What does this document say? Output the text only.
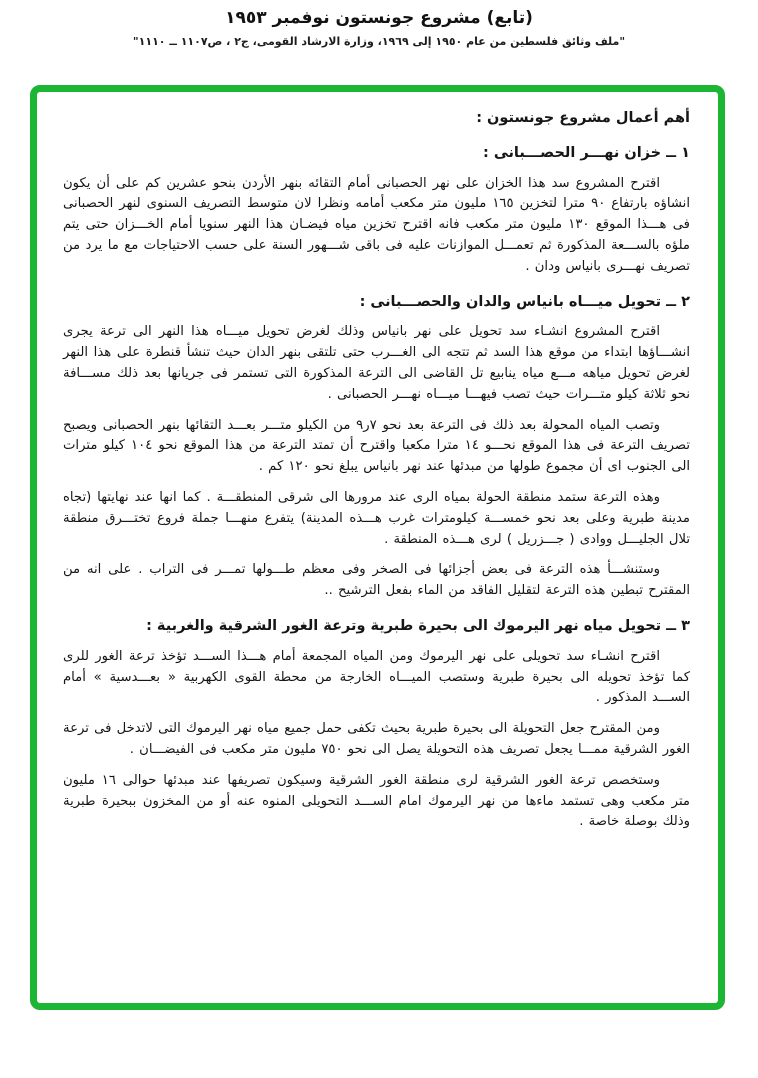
(تابع) مشروع جونستون نوفمبر ١٩٥٣
"ملف وثائق فلسطين من عام ١٩٥٠ إلى ١٩٦٩، وزارة الارشاد القومى، ج٢ ، ص١١٠٧ ــ ١١١٠"
أهم أعمال مشروع جونستون :
١ ــ خزان نهـــر الحصـــبانى :

اقترح المشروع سد هذا الخزان على نهر الحصبانى أمام التقائه بنهر الأردن بنحو عشرين كم على أن يكون انشاؤه بارتفاع ٩٠ مترا لتخزين ١٦٥ مليون متر مكعب أمامه ونظرا لان متوسط التصريف السنوى لنهر الحصبانى فى هـــذا الموقع ١٣٠ مليون متر مكعب فانه اقترح تخزين مياه فيضـان هذا النهر سنويا أمام الخـــزان حتى يتم ملؤه بالســـعة المذكورة ثم تعمـــل الموازنات عليه فى باقى شـــهور السنة على حسب الاحتياجات مع ما يرد من تصريف نهـــرى بانياس ودان .

٢ ــ تحويل ميـــاه بانياس والدان والحصـــبانى :

اقترح المشروع انشـاء سد تحويل على نهر بانياس وذلك لغرض تحويل ميـــاه هذا النهر الى ترعة يجرى انشـــاؤها ابتداء من موقع هذا السد ثم تتجه الى الغـــرب حتى تلتقى بنهر الدان حيث تنشأ قنطرة على هذا النهر لغرض تحويل مياهه مـــع مياه ينابيع تل القاضى الى الترعة المذكورة التى تستمر فى جريانها بعد ذلك مســـافة نحو ثلاثة كيلو متـــرات حيث تصب فيهـــا ميـــاه نهـــر الحصبانى .

وتصب المياه المحولة بعد ذلك فى الترعة بعد نحو ٧ر٩ من الكيلو متـــر بعـــد التقائها بنهر الحصبانى ويصبح تصريف الترعة فى هذا الموقع نحـــو ١٤ مترا مكعبا واقترح أن تمتد الترعة من هذا الموقع نحو ١٠٤ كيلو مترات الى الجنوب اى أن مجموع طولها من مبدئها عند نهر بانياس يبلغ نحو ١٢٠ كم .

وهذه الترعة ستمد منطقة الحولة بمياه الرى عند مرورها الى شرقى المنطقـــة . كما انها عند نهايتها (تجاه مدينة طبرية وعلى بعد نحو خمســـة كيلومترات غرب هـــذه المدينة) يتفرع منهـــا جملة فروع تختـــرق منطقة تلال الجليـــل ووادى ( جـــزريل ) لرى هـــذه المنطقة .

وستنشـــأ هذه الترعة فى بعض أجزائها فى الصخر وفى معظم طـــولها تمـــر فى التراب . على انه من المقترح تبطين هذه الترعة لتقليل الفاقد من الماء بفعل الترشيح ..

٣ ــ تحويل مياه نهر اليرموك الى بحيرة طبرية وترعة الغور الشرقية والغربية :

اقترح انشـاء سد تحويلى على نهر اليرموك ومن المياه المجمعة أمام هـــذا الســـد تؤخذ ترعة الغور للرى كما تؤخذ تحويله الى بحيرة طبرية وستصب الميـــاه الخارجة من محطة القوى الكهربية « بعـــدسية » أمام الســـد المذكور .

ومن المقترح جعل التحويلة الى بحيرة طبرية بحيث تكفى حمل جميع مياه نهر اليرموك التى لاتدخل فى ترعة الغور الشرقية ممـــا يجعل تصريف هذه التحويلة يصل الى نحو ٧٥٠ مليون متر مكعب فى الفيضـــان .

وستخصص ترعة الغور الشرقية لرى منطقة الغور الشرقية وسيكون تصريفها عند مبدئها حوالى ١٦ مليون متر مكعب وهى تستمد ماءها من نهر اليرموك امام الســـد التحويلى المنوه عنه أو من المخزون ببحيرة طبرية وذلك بوصلة خاصة .
